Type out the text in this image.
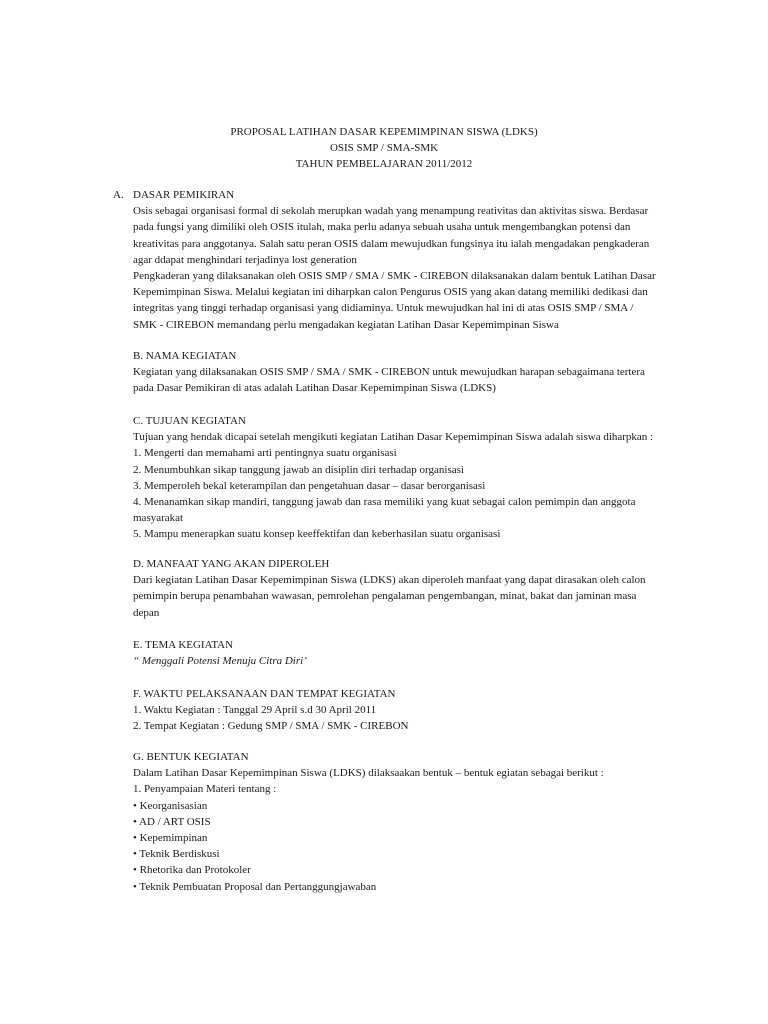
PROPOSAL LATIHAN DASAR KEPEMIMPINAN SISWA (LDKS)
OSIS SMP / SMA-SMK
TAHUN PEMBELAJARAN 2011/2012
A. DASAR PEMIKIRAN

Osis sebagai organisasi formal di sekolah merupkan wadah yang menampung reativitas dan aktivitas siswa. Berdasar

pada fungsi yang dimiliki oleh OSIS itulah, maka perlu adanya sebuah usaha untuk mengembangkan potensi dan

kreativitas para anggotanya. Salah satu peran OSIS dalam mewujudkan fungsinya itu ialah mengadakan pengkaderan

agar ddapat menghindari terjadinya lost generation

Pengkaderan yang dilaksanakan oleh OSIS SMP / SMA / SMK - CIREBON dilaksanakan dalam bentuk Latihan Dasar

Kepemimpinan Siswa. Melalui kegiatan ini diharpkan calon Pengurus OSIS yang akan datang memiliki dedikasi dan

integritas yang tinggi terhadap organisasi yang didiaminya. Untuk mewujudkan hal ini di atas OSIS SMP / SMA /

SMK - CIREBON memandang perlu mengadakan kegiatan Latihan Dasar Kepemimpinan Siswa

B. NAMA KEGIATAN

Kegiatan yang dilaksanakan OSIS SMP / SMA / SMK - CIREBON untuk mewujudkan harapan sebagaimana tertera

pada Dasar Pemikiran di atas adalah Latihan Dasar Kepemimpinan Siswa (LDKS)

C. TUJUAN KEGIATAN

Tujuan yang hendak dicapai setelah mengikuti kegiatan Latihan Dasar Kepemimpinan Siswa adalah siswa diharpkan :

1. Mengerti dan memahami arti pentingnya suatu organisasi

2. Menumbuhkan sikap tanggung jawab an disiplin diri terhadap organisasi

3. Memperoleh bekal keterampilan dan pengetahuan dasar – dasar berorganisasi

4. Menanamkan sikap mandiri, tanggung jawab dan rasa memiliki yang kuat sebagai calon pemimpin dan anggota

masyarakat

5. Mampu menerapkan suatu konsep keeffektifan dan keberhasilan suatu organisasi

D. MANFAAT YANG AKAN DIPEROLEH

Dari kegiatan Latihan Dasar Kepemimpinan Siswa (LDKS) akan diperoleh manfaat yang dapat dirasakan oleh calon

pemimpin berupa penambahan wawasan, pemrolehan pengalaman pengembangan, minat, bakat dan jaminan masa

depan

E. TEMA KEGIATAN

“ Menggali Potensi Menuju Citra Diri’

F. WAKTU PELAKSANAAN DAN TEMPAT KEGIATAN

1. Waktu Kegiatan : Tanggal 29 April s.d 30 April 2011

2. Tempat Kegiatan : Gedung SMP / SMA / SMK - CIREBON

G. BENTUK KEGIATAN

Dalam Latihan Dasar Kepemimpinan Siswa (LDKS) dilaksaakan bentuk – bentuk egiatan sebagai berikut :

1. Penyampaian Materi tentang :

• Keorganisasian

• AD / ART OSIS

• Kepemimpinan

• Teknik Berdiskusi

• Rhetorika dan Protokoler

• Teknik Pembuatan Proposal dan Pertanggungjawaban
